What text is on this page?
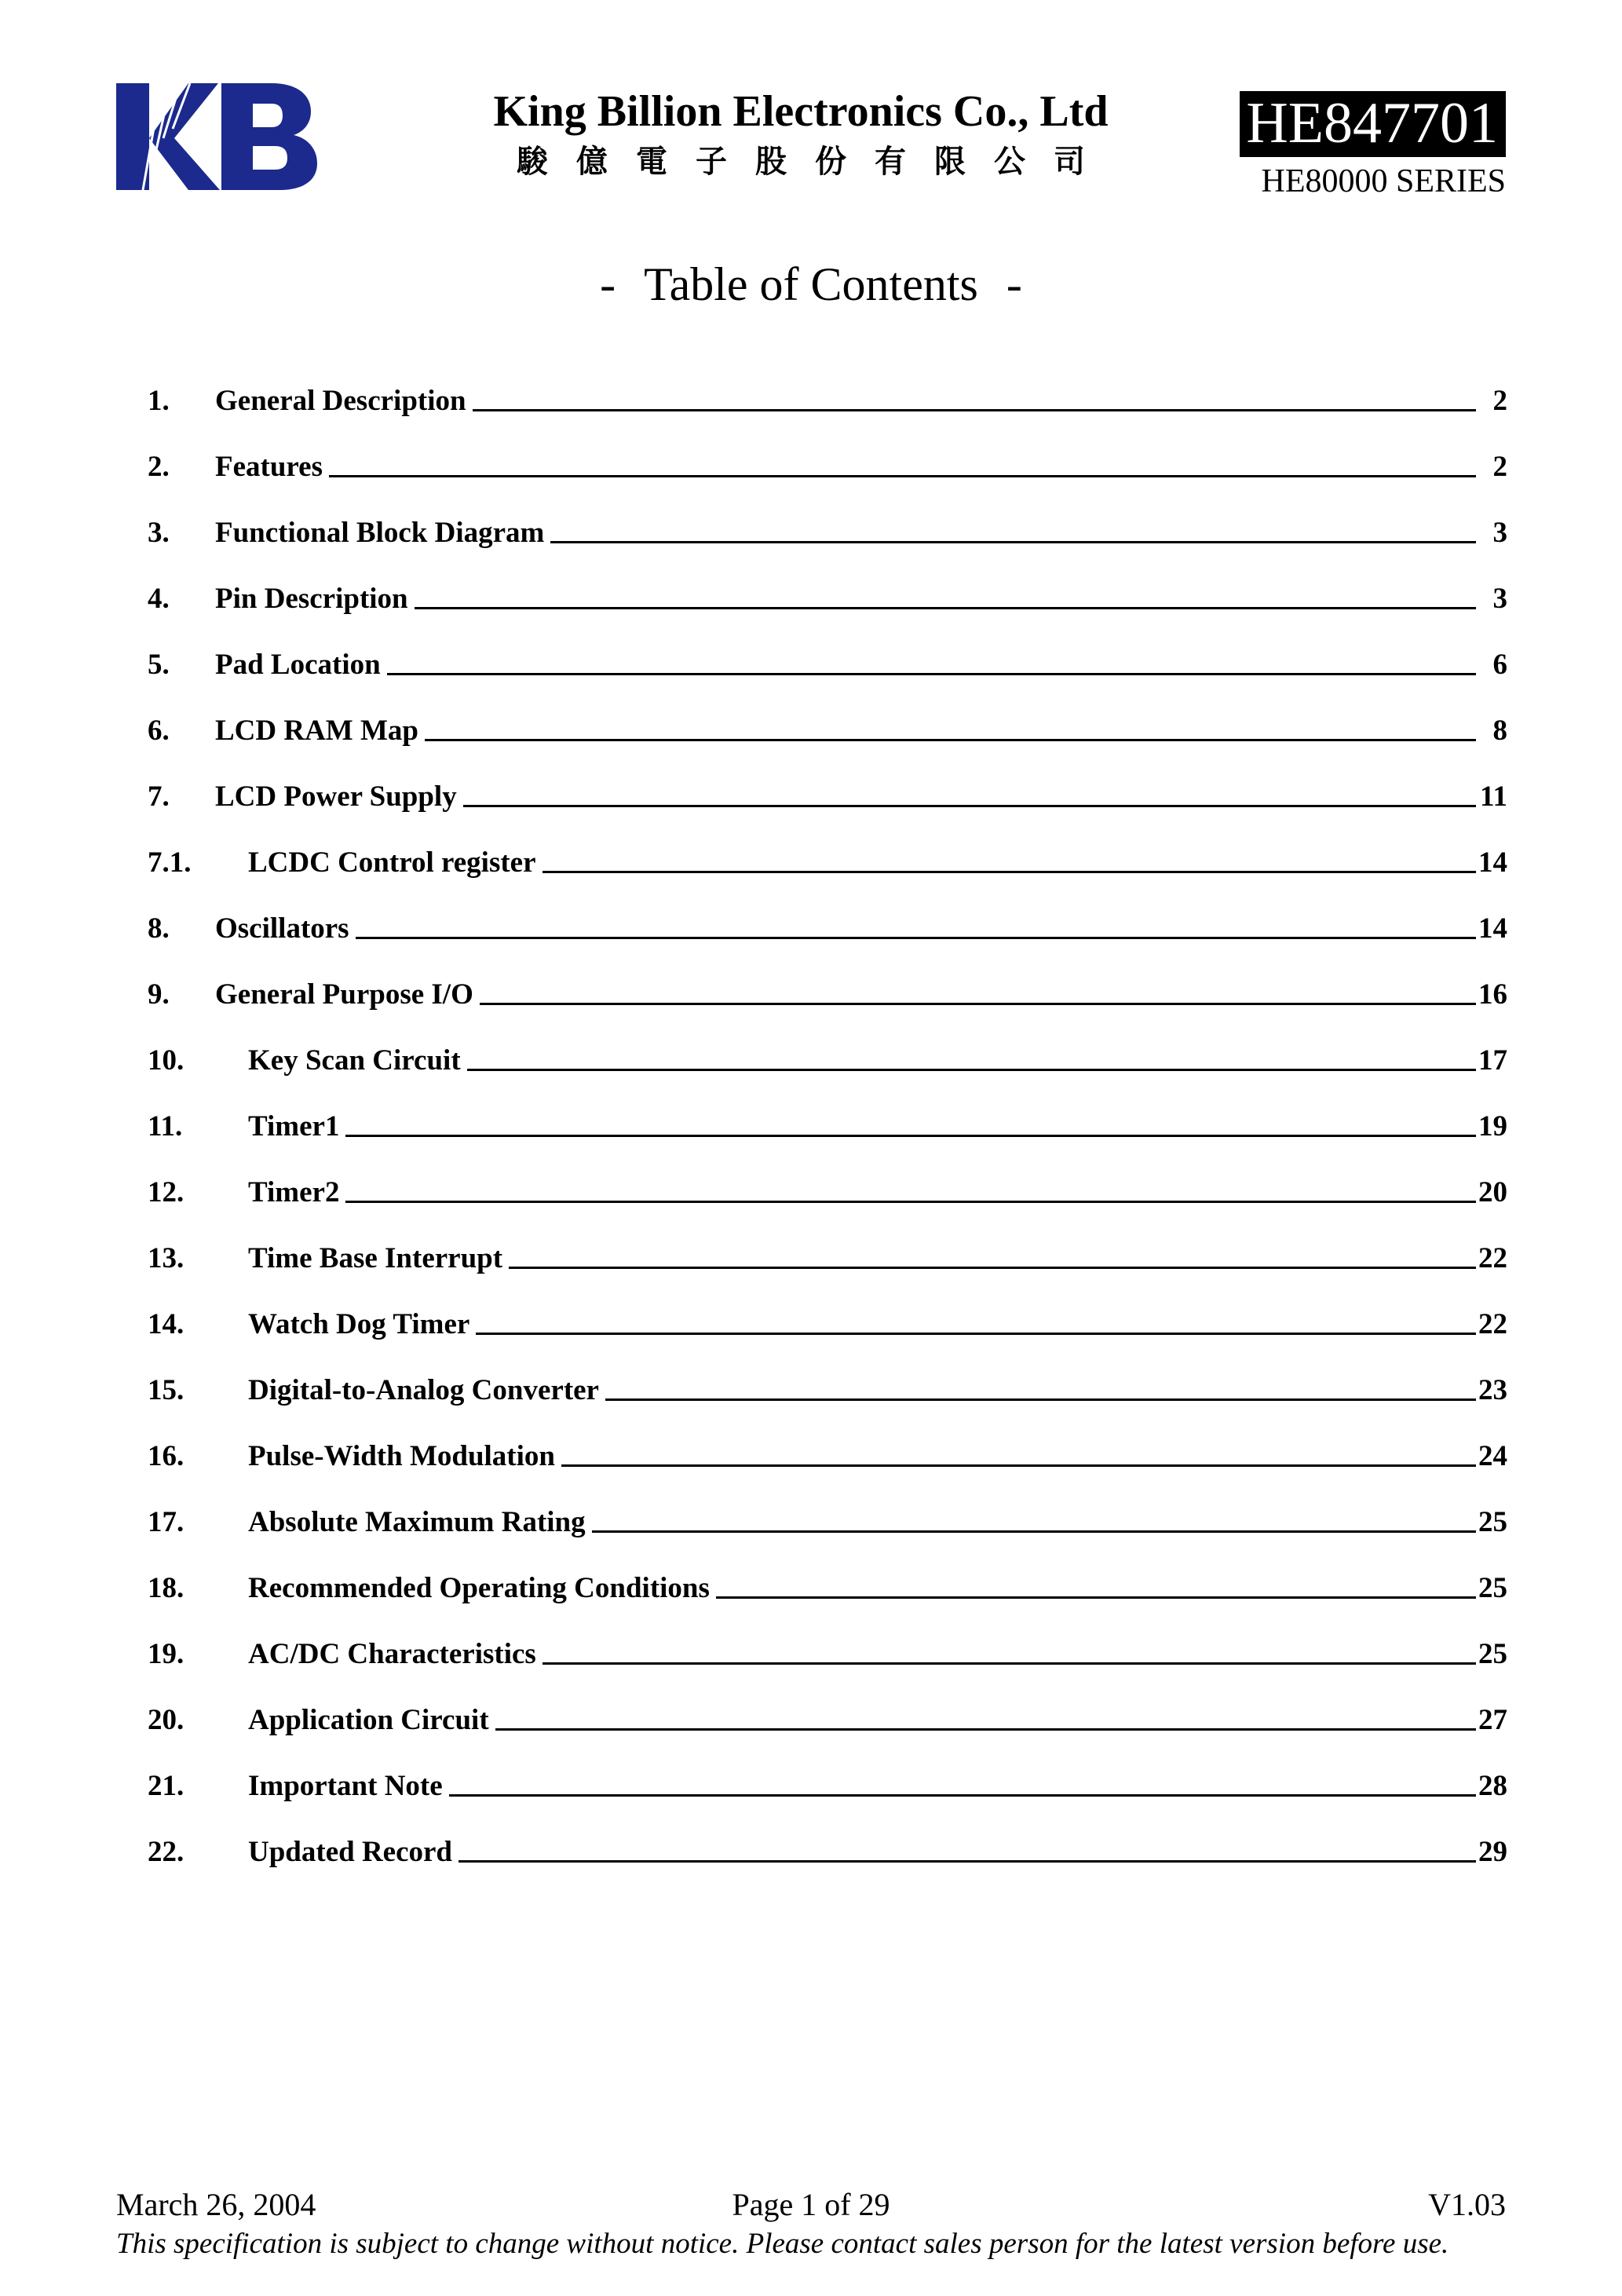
King Billion Electronics Co., Ltd
駿 億 電 子 股 份 有 限 公 司
HE847701
HE80000 SERIES
- Table of Contents -
1.	General Description	2
2.	Features	2
3.	Functional Block Diagram	3
4.	Pin Description	3
5.	Pad Location	6
6.	LCD RAM Map	8
7.	LCD Power Supply	11
7.1.	LCDC Control register	14
8.	Oscillators	14
9.	General Purpose I/O	16
10.	Key Scan Circuit	17
11.	Timer1	19
12.	Timer2	20
13.	Time Base Interrupt	22
14.	Watch Dog Timer	22
15.	Digital-to-Analog Converter	23
16.	Pulse-Width Modulation	24
17.	Absolute Maximum Rating	25
18.	Recommended Operating Conditions	25
19.	AC/DC Characteristics	25
20.	Application Circuit	27
21.	Important Note	28
22.	Updated Record	29
March 26, 2004	Page 1 of 29	V1.03
This specification is subject to change without notice. Please contact sales person for the latest version before use.
